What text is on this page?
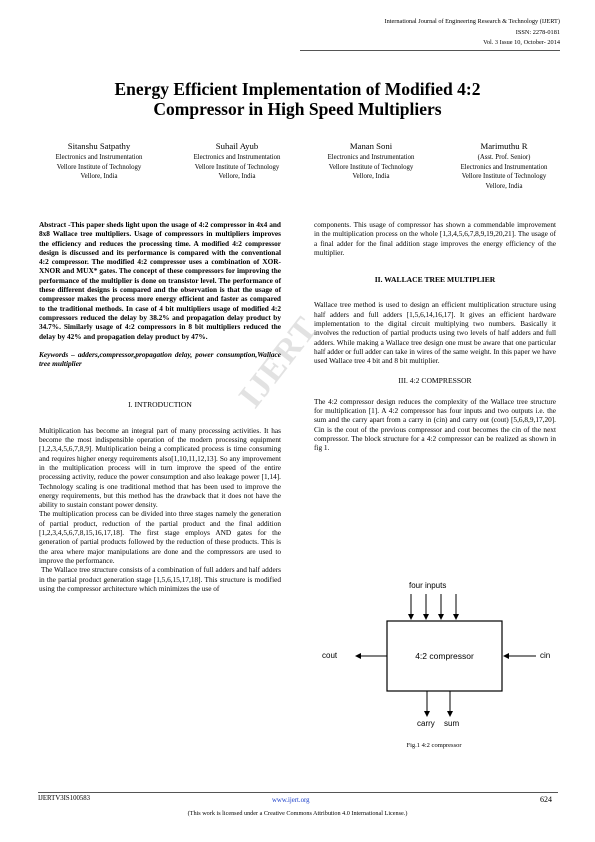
International Journal of Engineering Research & Technology (IJERT)
ISSN: 2278-0181
Vol. 3 Issue 10, October- 2014
Energy Efficient Implementation of Modified 4:2
Compressor in High Speed Multipliers
Sitanshu Satpathy
Electronics and Instrumentation
Vellore Institute of Technology
Vellore, India
Suhail Ayub
Electronics and Instrumentation
Vellore Institute of Technology
Vellore, India
Manan Soni
Electronics and Instrumentation
Vellore Institute of Technology
Vellore, India
Marimuthu R
(Asst. Prof. Senior)
Electronics and Instrumentation
Vellore Institute of Technology
Vellore, India

Abstract -This paper sheds light upon the usage of 4:2 compressor in 4x4 and 8x8 Wallace tree multipliers. Usage of compressors in multipliers improves the efficiency and reduces the processing time. A modified 4:2 compressor design is discussed and its performance is compared with the conventional 4:2 compressor. The modified 4:2 compressor uses a combination of XOR-XNOR and MUX* gates. The concept of these compressors for improving the performance of the multiplier is done on transistor level. The performance of these different designs is compared and the observation is that the usage of compressor makes the process more energy efficient and faster as compared to the traditional methods. In case of 4 bit multipliers usage of modified 4:2 compressors reduced the delay by 38.2% and propagation delay product by 34.7%. Similarly usage of 4:2 compressors in 8 bit multipliers reduced the delay by 42% and propagation delay product by 47%.

Keywords – adders,compressor,propagation delay, power consumption,Wallace tree multiplier

I. INTRODUCTION

Multiplication has become an integral part of many processing activities. It has become the most indispensible operation of the modern processing equipment [1,2,3,4,5,6,7,8,9]. Multiplication being a complicated process is time consuming and requires higher energy requirements also[1,10,11,12,13]. So any improvement in the multiplication process will in turn improve the speed of the entire processing activity, reduce the power consumption and also leakage power [1,14]. Technology scaling is one traditional method that has been used to improve the energy requirements, but this method has the drawback that it does not have the ability to sustain constant power density.

The multiplication process can be divided into three stages namely the generation of partial product, reduction of the partial product and the final addition [1,2,3,4,5,6,7,8,15,16,17,18]. The first stage employs AND gates for the generation of partial products followed by the reduction of these products. This is the area where major manipulations are done and the compressors are used to improve the performance.

The Wallace tree structure consists of a combination of full adders and half adders in the partial product generation stage [1,5,6,15,17,18]. This structure is modified using the compressor architecture which minimizes the use of

components. This usage of compressor has shown a commendable improvement in the multiplication process on the whole [1,3,4,5,6,7,8,9,19,20,21]. The usage of a final adder for the final addition stage improves the energy efficiency of the multiplier.

II. WALLACE TREE MULTIPLIER

Wallace tree method is used to design an efficient multiplication structure using half adders and full adders [1,5,6,14,16,17]. It gives an efficient hardware implementation to the digital circuit multiplying two numbers. Basically it involves the reduction of partial products using two levels of half adders and full adders. While making a Wallace tree design one must be aware that one particular half adder or full adder can take in wires of the same weight. In this paper we have used Wallace tree 4 bit and 8 bit multiplier.

III. 4:2 COMPRESSOR

The 4:2 compressor design reduces the complexity of the Wallace tree structure for multiplication [1]. A 4:2 compressor has four inputs and two outputs i.e. the sum and the carry apart from a carry in (cin) and carry out (cout) [5,6,8,9,17,20]. Cin is the cout of the previous compressor and cout becomes the cin of the next compressor. The block structure for a 4:2 compressor can be realized as shown in fig 1.

four inputs
4:2 compressor
cout	cin
carry sum
Fig.1 4:2 compressor
IJERT
IJERTV3IS100583	www.ijert.org	624
(This work is licensed under a Creative Commons Attribution 4.0 International License.)
